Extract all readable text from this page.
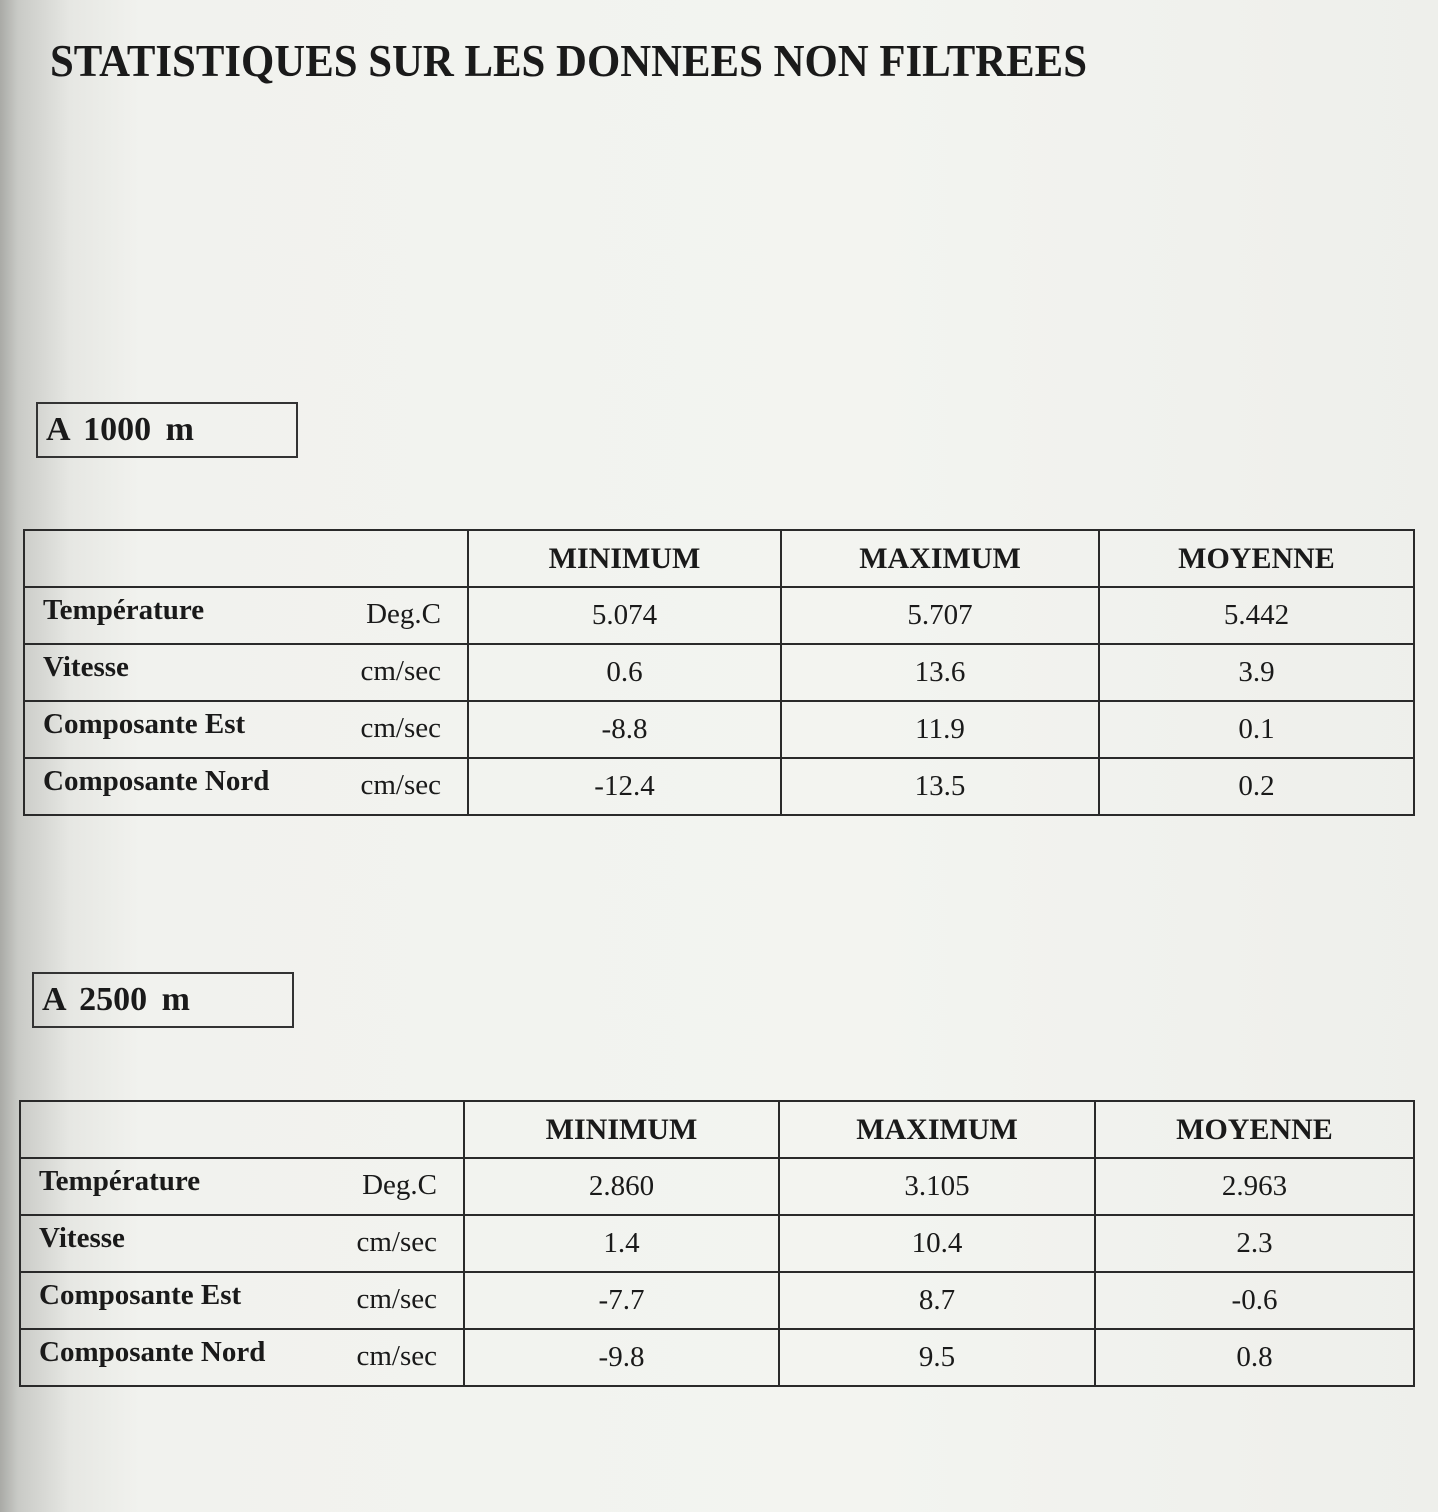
STATISTIQUES SUR LES DONNEES NON FILTREES
A 1000 m
	MINIMUM	MAXIMUM	MOYENNE

Température Deg.C	5.074	5.707	5.442

Vitesse cm/sec	0.6	13.6	3.9

Composante Est cm/sec	-8.8	11.9	0.1

Composante Nord cm/sec	-12.4	13.5	0.2
A 2500 m
	MINIMUM	MAXIMUM	MOYENNE

Température Deg.C	2.860	3.105	2.963

Vitesse cm/sec	1.4	10.4	2.3

Composante Est cm/sec	-7.7	8.7	-0.6

Composante Nord cm/sec	-9.8	9.5	0.8
